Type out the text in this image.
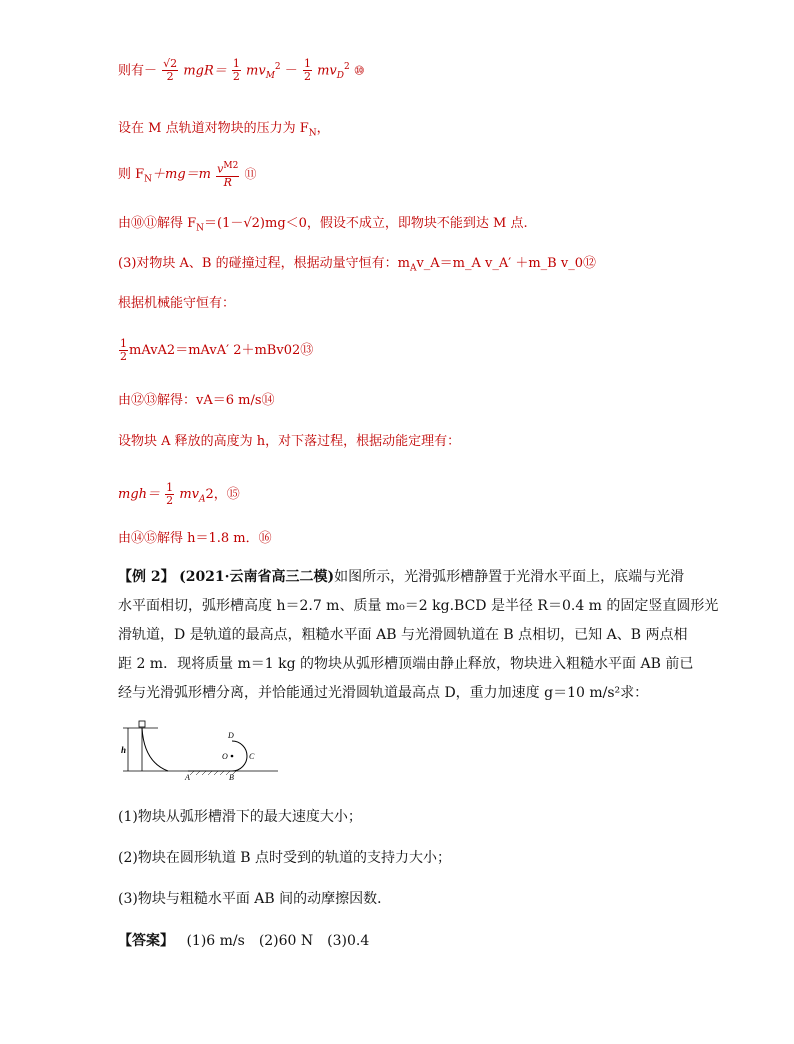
则有－ $\frac{√2}{2} mgR= \frac{1}{2} mv_M^2 - \frac{1}{2} mv_D^2$ ⑩
设在 M 点轨道对物块的压力为 $F_N$，
则 $F_N+mg=m \frac{v^{M2}}{R}$ ⑪
由⑩⑪解得 $F_N=(1-√2)mg<0$，假设不成立，即物块不能到达 M 点.
(3)对物块 A、B 的碰撞过程，根据动量守恒有：$m_Av\_A=m\_A$ v_A′ ＋m_B v_0⑫
根据机械能守恒有：
$\frac{1}{2}$ mAvA2＝mAvA′ 2＋mBv02⑬
由⑫⑬解得：vA＝6 m/s⑭
设物块 A 释放的高度为 h，对下落过程，根据动能定理有：
$mgh= \frac{1}{2} mv_A2$，⑮
由⑭⑮解得 h＝1.8 m．⑯
【例 2】 (2021·云南省高三二模)如图所示，光滑弧形槽静置于光滑水平面上，底端与光滑
水平面相切，弧形槽高度 h＝2.7 m、质量 m₀＝2 kg.BCD 是半径 R＝0.4 m 的固定竖直圆形光
滑轨道，D 是轨道的最高点，粗糙水平面 AB 与光滑圆轨道在 B 点相切，已知 A、B 两点相
距 2 m．现将质量 m＝1 kg 的物块从弧形槽顶端由静止释放，物块进入粗糙水平面 AB 前已
经与光滑弧形槽分离，并恰能通过光滑圆轨道最高点 D，重力加速度 g＝10 m/s²求：
h
D
O	C
A	B
(1)物块从弧形槽滑下的最大速度大小；
(2)物块在圆形轨道 B 点时受到的轨道的支持力大小；
(3)物块与粗糙水平面 AB 间的动摩擦因数．
【答案】 (1)6 m/s　(2)60 N　(3)0.4
